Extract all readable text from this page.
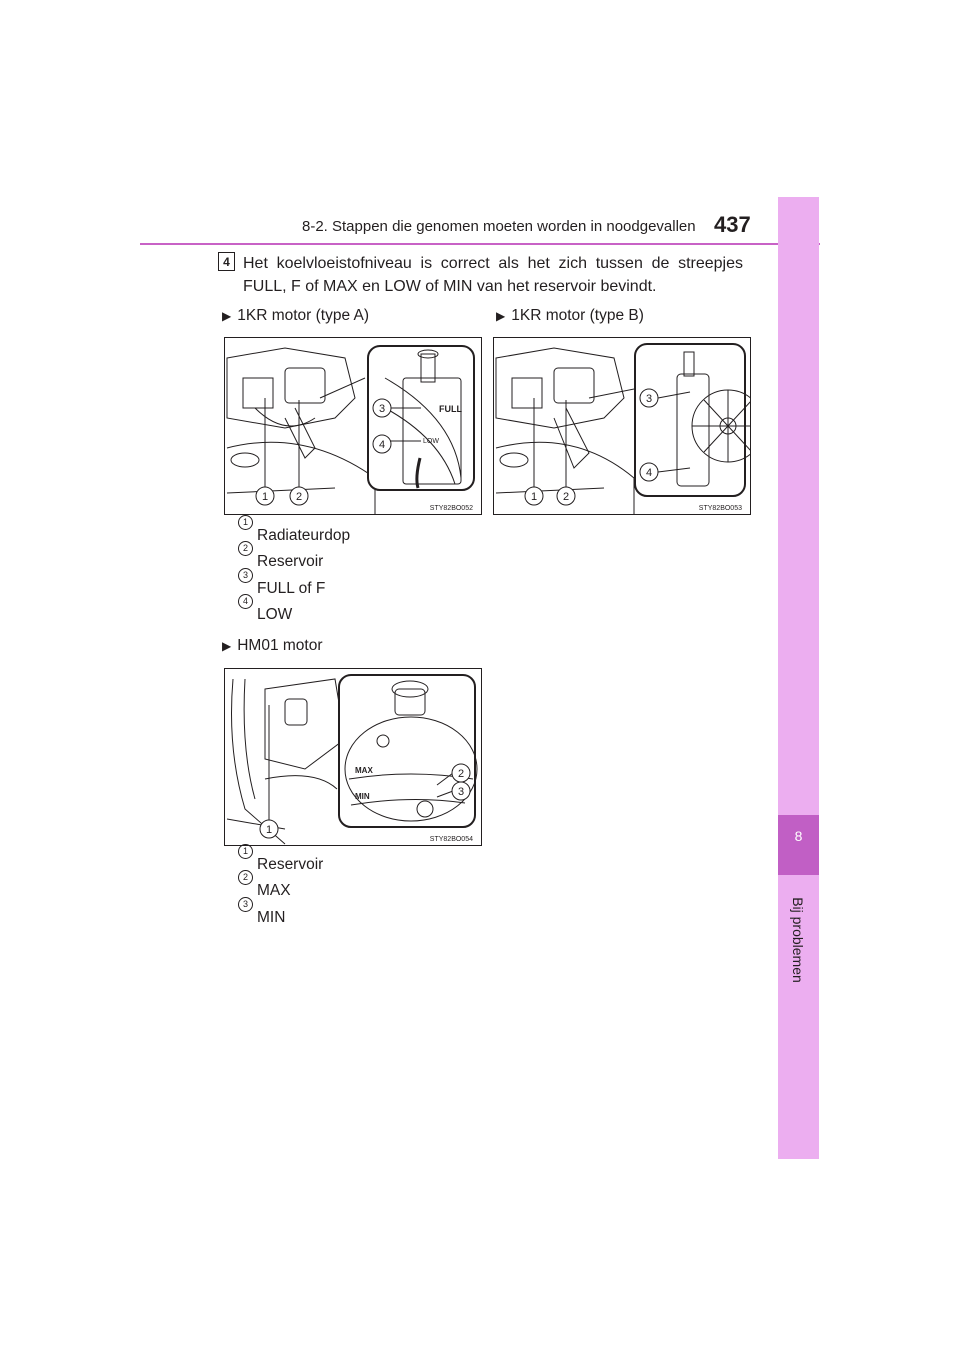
8-2. Stappen die genomen moeten worden in noodgevallen 437
8
Bij problemen
4 Het koelvloeistofniveau is correct als het zich tussen de streepjes FULL, F of MAX en LOW of MIN van het reservoir bevindt.
▶ 1KR motor (type A)	▶ 1KR motor (type B)
FULL
LOW
1	2
3
4
STY82BO052
1 2
3
4
STY82BO053
1
Radiateurdop
2
Reservoir
3
FULL of F
4
LOW
▶ HM01 motor
MAX
MIN
1
2
3
STY82BO054
1
Reservoir
2
MAX
3
MIN
